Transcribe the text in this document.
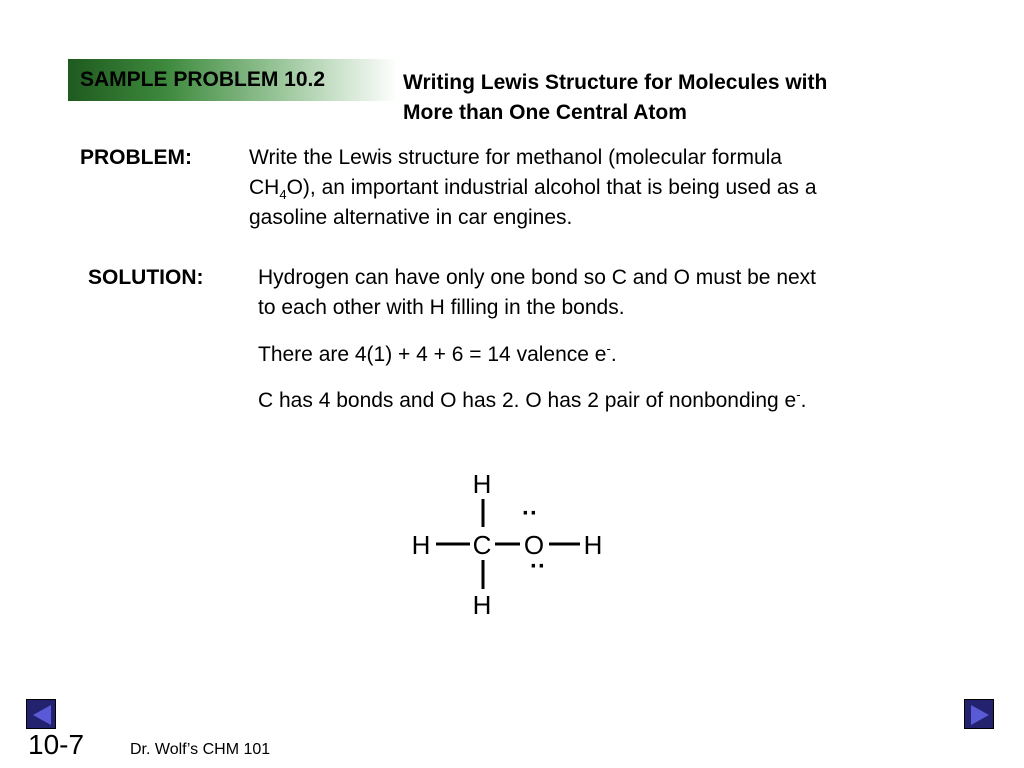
SAMPLE PROBLEM 10.2	Writing Lewis Structure for Molecules with
More than One Central Atom
PROBLEM:	Write the Lewis structure for methanol (molecular formula
$CH_4O$), an important industrial alcohol that is being used as a
gasoline alternative in car engines.
SOLUTION:	Hydrogen can have only one bond so C and O must be next
to each other with H filling in the bonds.
There are 4(1) + 4 + 6 = 14 valence e-.
C has 4 bonds and O has 2. O has 2 pair of nonbonding e-.
H
H C O H
H
··
··
10-7	Dr. Wolf’s CHM 101
